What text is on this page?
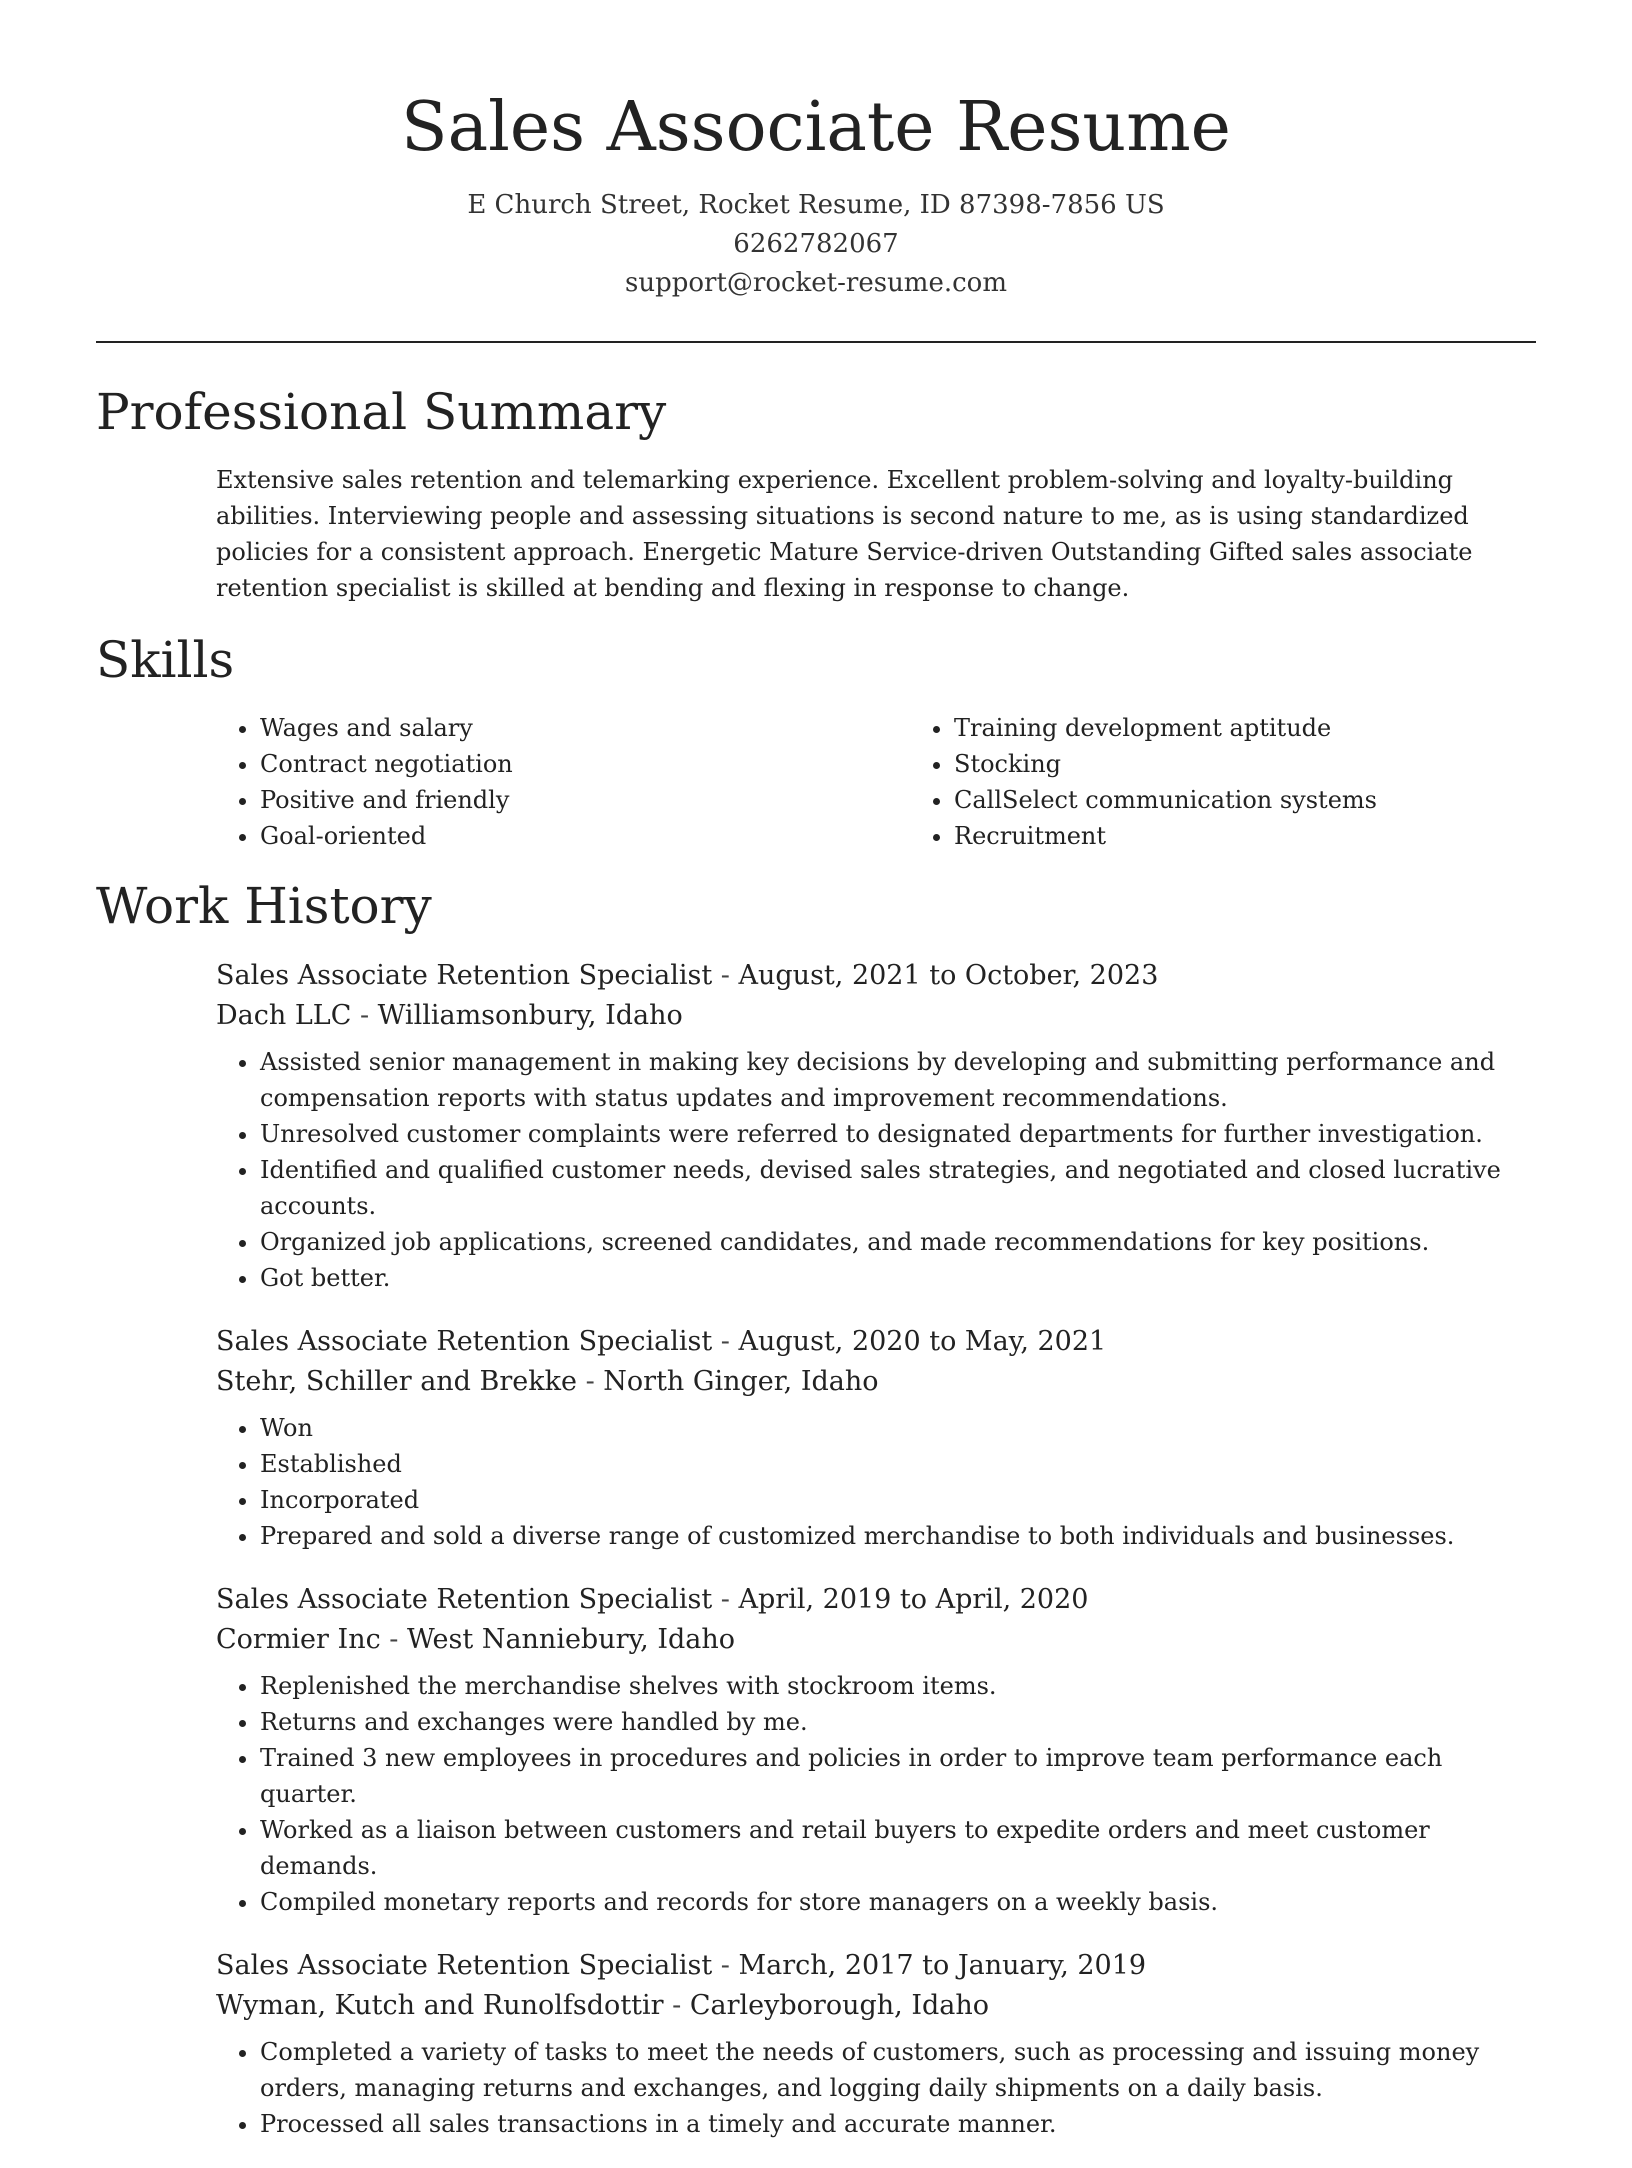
Sales Associate Resume
E Church Street, Rocket Resume, ID 87398-7856 US
6262782067
support@rocket-resume.com
Professional Summary

Extensive sales retention and telemarking experience. Excellent problem-solving and loyalty-building abilities. Interviewing people and assessing situations is second nature to me, as is using standardized policies for a consistent approach. Energetic Mature Service-driven Outstanding Gifted sales associate retention specialist is skilled at bending and flexing in response to change.

Skills
• Wages and salary
• Contract negotiation
• Positive and friendly
• Goal-oriented
• Training development aptitude
• Stocking
• CallSelect communication systems
• Recruitment
Work History
Sales Associate Retention Specialist - August, 2021 to October, 2023
Dach LLC - Williamsonbury, Idaho
• Assisted senior management in making key decisions by developing and submitting performance and compensation reports with status updates and improvement recommendations.
• Unresolved customer complaints were referred to designated departments for further investigation.
• Identified and qualified customer needs, devised sales strategies, and negotiated and closed lucrative accounts.
• Organized job applications, screened candidates, and made recommendations for key positions.
• Got better.
Sales Associate Retention Specialist - August, 2020 to May, 2021
Stehr, Schiller and Brekke - North Ginger, Idaho
• Won
• Established
• Incorporated
• Prepared and sold a diverse range of customized merchandise to both individuals and businesses.
Sales Associate Retention Specialist - April, 2019 to April, 2020
Cormier Inc - West Nanniebury, Idaho
• Replenished the merchandise shelves with stockroom items.
• Returns and exchanges were handled by me.
• Trained 3 new employees in procedures and policies in order to improve team performance each quarter.
• Worked as a liaison between customers and retail buyers to expedite orders and meet customer demands.
• Compiled monetary reports and records for store managers on a weekly basis.
Sales Associate Retention Specialist - March, 2017 to January, 2019
Wyman, Kutch and Runolfsdottir - Carleyborough, Idaho
• Completed a variety of tasks to meet the needs of customers, such as processing and issuing money orders, managing returns and exchanges, and logging daily shipments on a daily basis.
• Processed all sales transactions in a timely and accurate manner.
